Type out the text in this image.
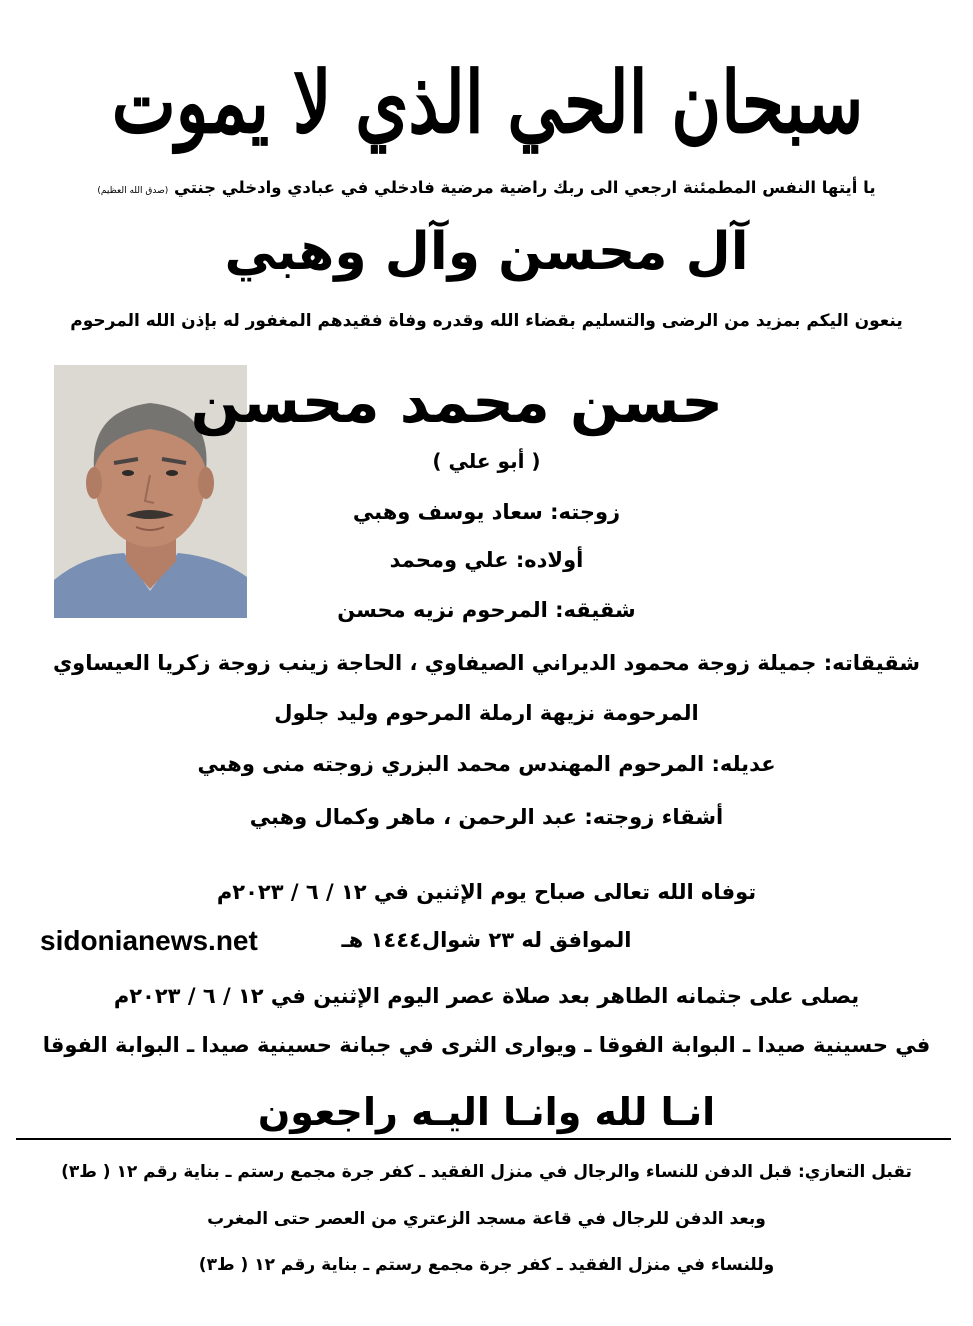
سبحان الحي الذي لا يموت
يا أيتها النفس المطمئنة ارجعي الى ربك راضية مرضية فادخلي في عبادي وادخلي جنتي (صدق الله العظيم)
آل محسن وآل وهبي
ينعون اليكم بمزيد من الرضى والتسليم بقضاء الله وقدره وفاة فقيدهم المغفور له بإذن الله المرحوم
حسن محمد محسن
( أبو علي )
زوجته: سعاد يوسف وهبي
أولاده: علي ومحمد
شقيقه: المرحوم نزيه محسن
شقيقاته: جميلة زوجة محمود الديراني الصيفاوي ، الحاجة زينب زوجة زكريا العيساوي
المرحومة نزيهة ارملة المرحوم وليد جلول
عديله: المرحوم المهندس محمد البزري زوجته منى وهبي
أشقاء زوجته: عبد الرحمن ، ماهر وكمال وهبي
توفاه الله تعالى صباح يوم الإثنين في ١٢ / ٦ / ٢٠٢٣م
sidonianews.net	الموافق له ٢٣ شوال١٤٤٤ هـ
يصلى على جثمانه الطاهر بعد صلاة عصر اليوم الإثنين في ١٢ / ٦ / ٢٠٢٣م
في حسينية صيدا ـ البوابة الفوقا ـ ويوارى الثرى في جبانة حسينية صيدا ـ البوابة الفوقا
انـا لله وانـا اليـه راجعون
تقبل التعازي: قبل الدفن للنساء والرجال في منزل الفقيد ـ كفر جرة مجمع رستم ـ بناية رقم ١٢ ( ط٣)
وبعد الدفن للرجال في قاعة مسجد الزعتري من العصر حتى المغرب
وللنساء في منزل الفقيد ـ كفر جرة مجمع رستم ـ بناية رقم ١٢ ( ط٣)
